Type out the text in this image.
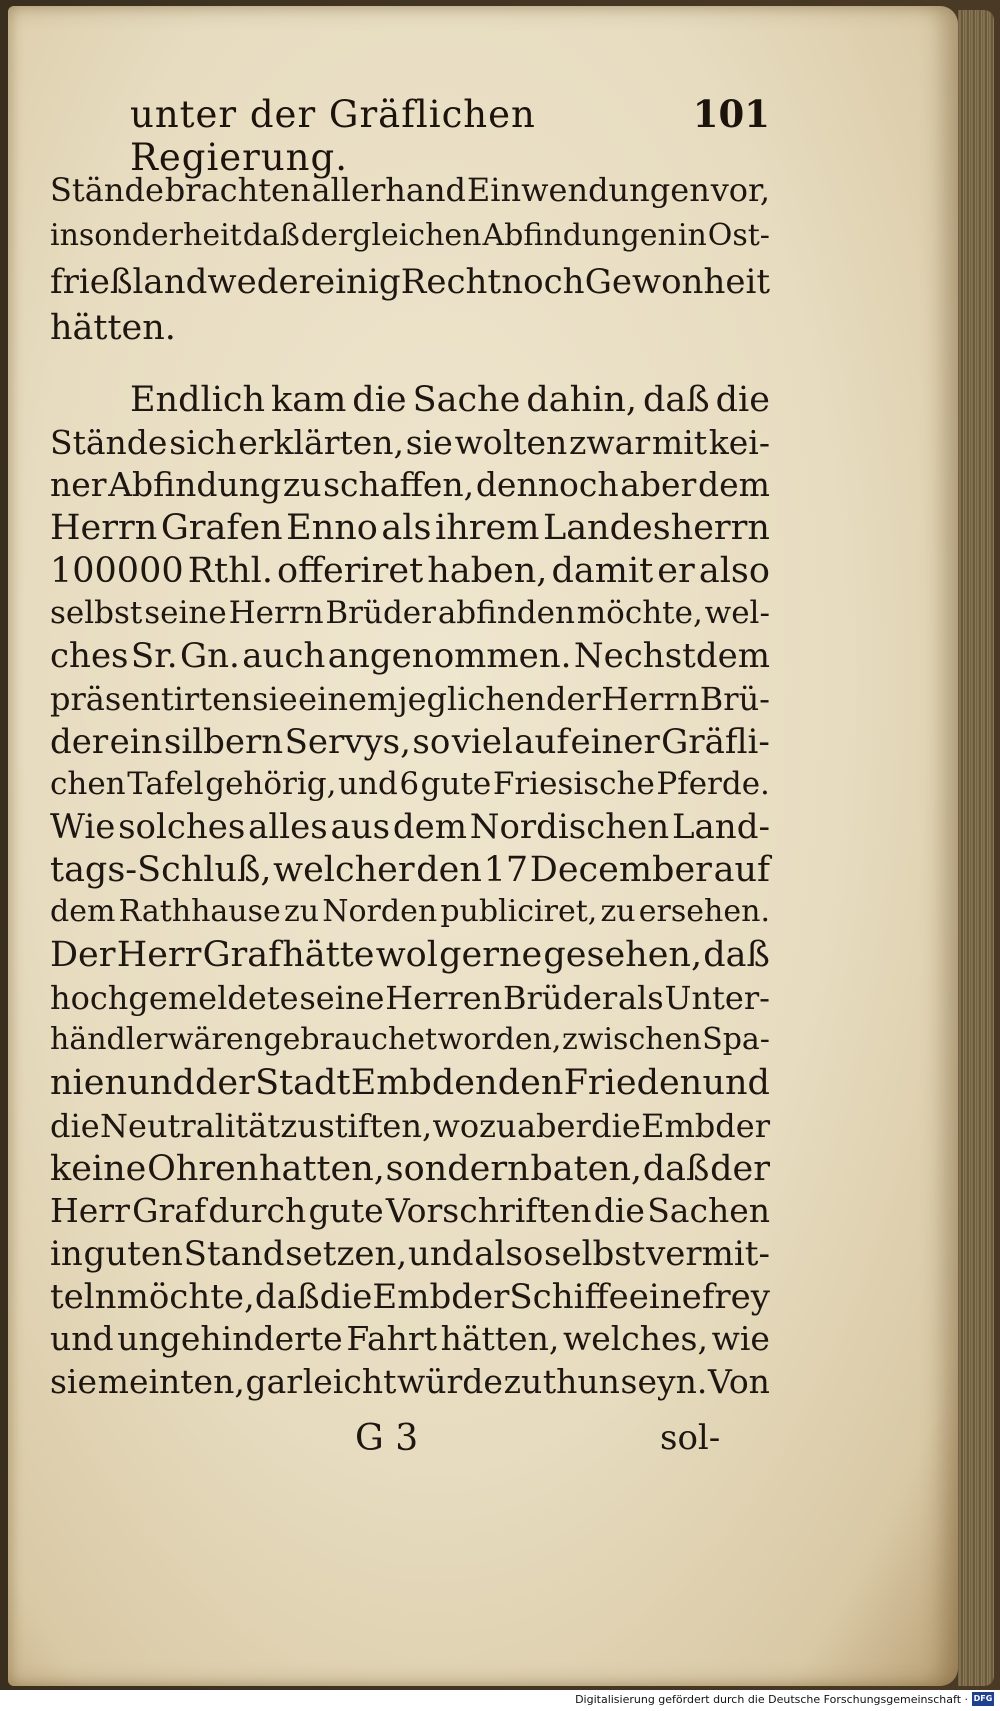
unter der Gräflichen Regierung.
101
Stände brachten allerhand Einwendungen vor,
insonderheit daß dergleichen Abfindungen in Ost-
frießland weder einig Recht noch Gewonheit
hätten.
Endlich kam die Sache dahin, daß die
Stände sich erklärten, sie wolten zwar mit kei-
ner Abfindung zu schaffen, dennoch aber dem
Herrn Grafen Enno als ihrem Landesherrn
100000 Rthl. offeriret haben, damit er also
selbst seine Herrn Brüder abfinden möchte, wel-
ches Sr. Gn. auch angenommen. Nechstdem
präsentirten sie einem jeglichen der Herrn Brü-
der ein silbern Servys, so viel auf einer Gräfli-
chen Tafel gehörig, und 6 gute Friesische Pferde.
Wie solches alles aus dem Nordischen Land-
tags-Schluß, welcher den 17 December auf
dem Rathhause zu Norden publiciret, zu ersehen.
Der Herr Graf hätte wol gerne gesehen, daß
hochgemeldete seine Herren Brüder als Unter-
händler wären gebrauchet worden, zwischen Spa-
nien und der Stadt Embden den Frieden und
die Neutralität zu stiften, wozu aber die Embder
keine Ohren hatten, sondern baten, daß der
Herr Graf durch gute Vorschriften die Sachen
in guten Stand setzen, und also selbst vermit-
teln möchte, daß die Embder Schiffe eine frey
und ungehinderte Fahrt hätten, welches, wie
sie meinten, gar leicht würde zu thun seyn. Von
G 3	sol-
Digitalisierung gefördert durch die Deutsche Forschungsgemeinschaft · DFG
